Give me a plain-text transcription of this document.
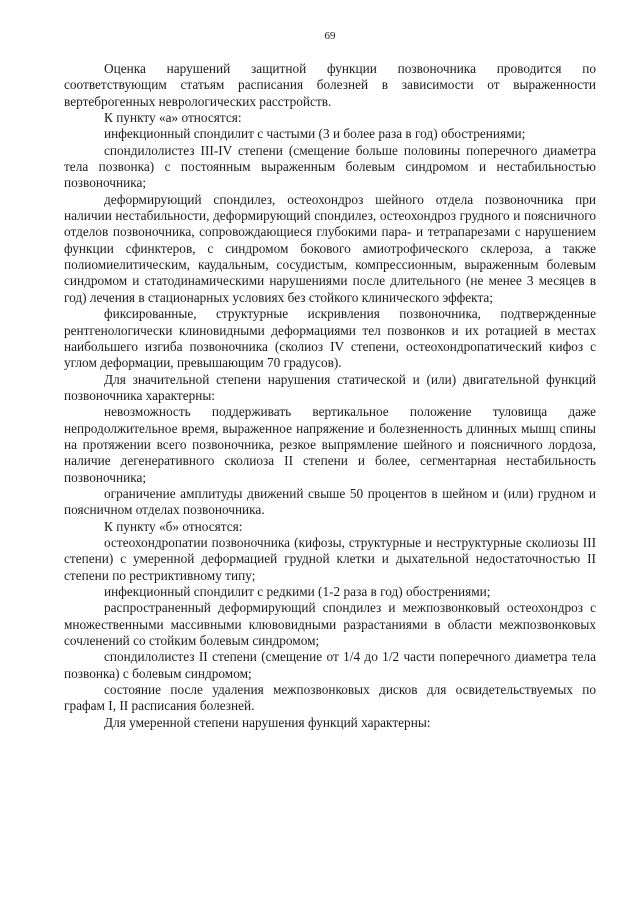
69

Оценка нарушений защитной функции позвоночника проводится по соответствующим статьям расписания болезней в зависимости от выраженности вертеброгенных неврологических расстройств.

К пункту «а» относятся:

инфекционный спондилит с частыми (3 и более раза в год) обострениями;

спондилолистез III-IV степени (смещение больше половины поперечного диаметра тела позвонка) с постоянным выраженным болевым синдромом и нестабильностью позвоночника;

деформирующий спондилез, остеохондроз шейного отдела позвоночника при наличии нестабильности, деформирующий спондилез, остеохондроз грудного и поясничного отделов позвоночника, сопровождающиеся глубокими пара- и тетрапарезами с нарушением функции сфинктеров, с синдромом бокового амиотрофического склероза, а также полиомиелитическим, каудальным, сосудистым, компрессионным, выраженным болевым синдромом и статодинамическими нарушениями после длительного (не менее 3 месяцев в год) лечения в стационарных условиях без стойкого клинического эффекта;

фиксированные, структурные искривления позвоночника, подтвержденные рентгенологически клиновидными деформациями тел позвонков и их ротацией в местах наибольшего изгиба позвоночника (сколиоз IV степени, остеохондропатический кифоз с углом деформации, превышающим 70 градусов).

Для значительной степени нарушения статической и (или) двигательной функций позвоночника характерны:

невозможность поддерживать вертикальное положение туловища даже непродолжительное время, выраженное напряжение и болезненность длинных мышц спины на протяжении всего позвоночника, резкое выпрямление шейного и поясничного лордоза, наличие дегенеративного сколиоза II степени и более, сегментарная нестабильность позвоночника;

ограничение амплитуды движений свыше 50 процентов в шейном и (или) грудном и поясничном отделах позвоночника.

К пункту «б» относятся:

остеохондропатии позвоночника (кифозы, структурные и неструктурные сколиозы III степени) с умеренной деформацией грудной клетки и дыхательной недостаточностью II степени по рестриктивному типу;

инфекционный спондилит с редкими (1-2 раза в год) обострениями;

распространенный деформирующий спондилез и межпозвонковый остеохондроз с множественными массивными клювовидными разрастаниями в области межпозвонковых сочленений со стойким болевым синдромом;

спондилолистез II степени (смещение от 1/4 до 1/2 части поперечного диаметра тела позвонка) с болевым синдромом;

состояние после удаления межпозвонковых дисков для освидетельствуемых по графам I, II расписания болезней.

Для умеренной степени нарушения функций характерны:
